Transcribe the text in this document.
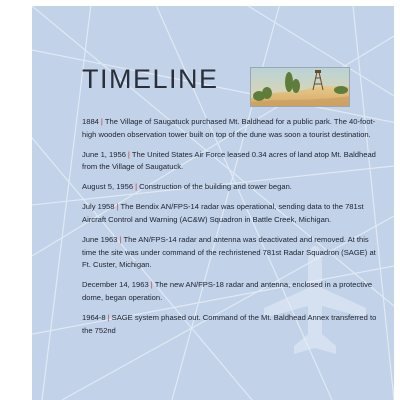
TIMELINE

1884 | The Village of Saugatuck purchased Mt. Baldhead for a public park. The 40-foot-high wooden observation tower built on top of the dune was soon a tourist destination.

June 1, 1956 | The United States Air Force leased 0.34 acres of land atop Mt. Baldhead from the Village of Saugatuck.

August 5, 1956 | Construction of the building and tower began.

July 1958 | The Bendix AN/FPS-14 radar was operational, sending data to the 781st Aircraft Control and Warning (AC&W) Squadron in Battle Creek, Michigan.

June 1963 | The AN/FPS-14 radar and antenna was deactivated and removed. At this time the site was under command of the rechristened 781st Radar Squadron (SAGE) at Ft. Custer, Michigan.

December 14, 1963 | The new AN/FPS-18 radar and antenna, enclosed in a protective dome, began operation.

1964-8 | SAGE system phased out. Command of the Mt. Baldhead Annex transferred to the 752nd
